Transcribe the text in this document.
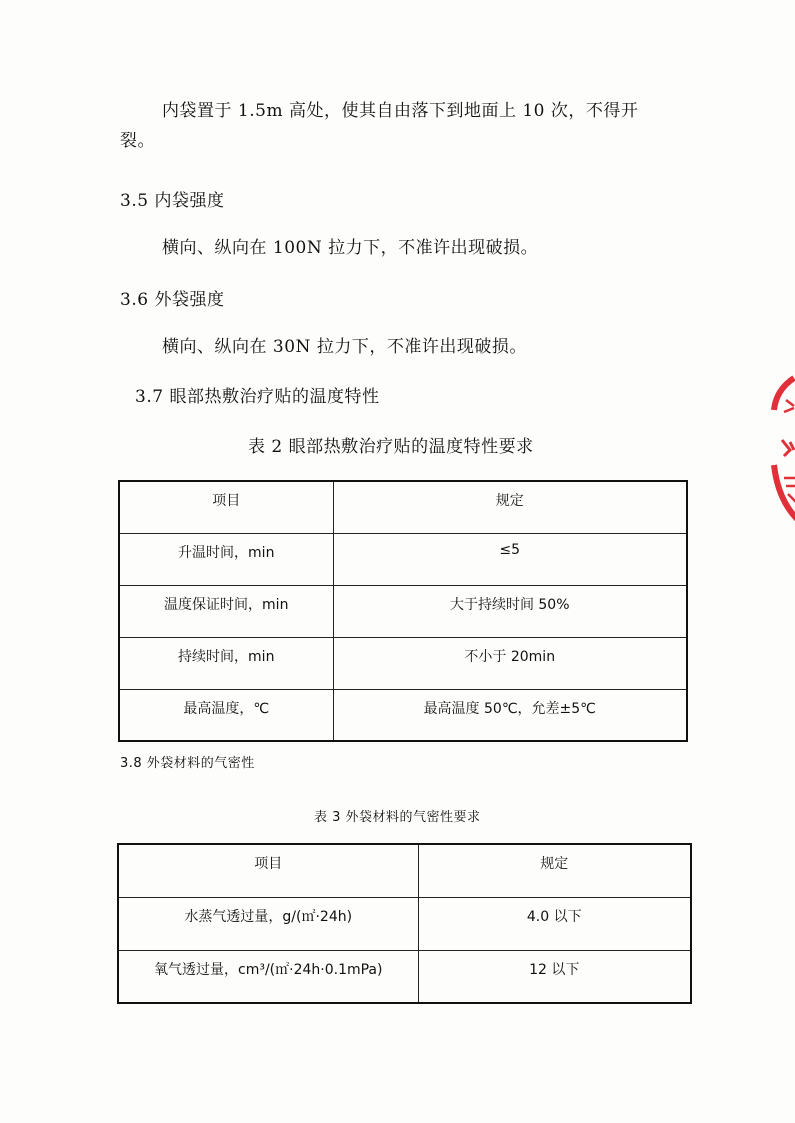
内袋置于 1.5m 高处，使其自由落下到地面上 10 次，不得开
裂。
3.5 内袋强度
横向、纵向在 100N 拉力下，不准许出现破损。
3.6 外袋强度
横向、纵向在 30N 拉力下，不准许出现破损。
3.7 眼部热敷治疗贴的温度特性
表 2 眼部热敷治疗贴的温度特性要求
项目	规定
升温时间，min	≤5
温度保证时间，min	大于持续时间 50%
持续时间，min	不小于 20min
最高温度，℃	最高温度 50℃，允差±5℃
3.8 外袋材料的气密性
表 3 外袋材料的气密性要求
项目	规定
水蒸气透过量，g/(㎡·24h)	4.0 以下
氧气透过量，cm³/(㎡·24h·0.1mPa)	12 以下
